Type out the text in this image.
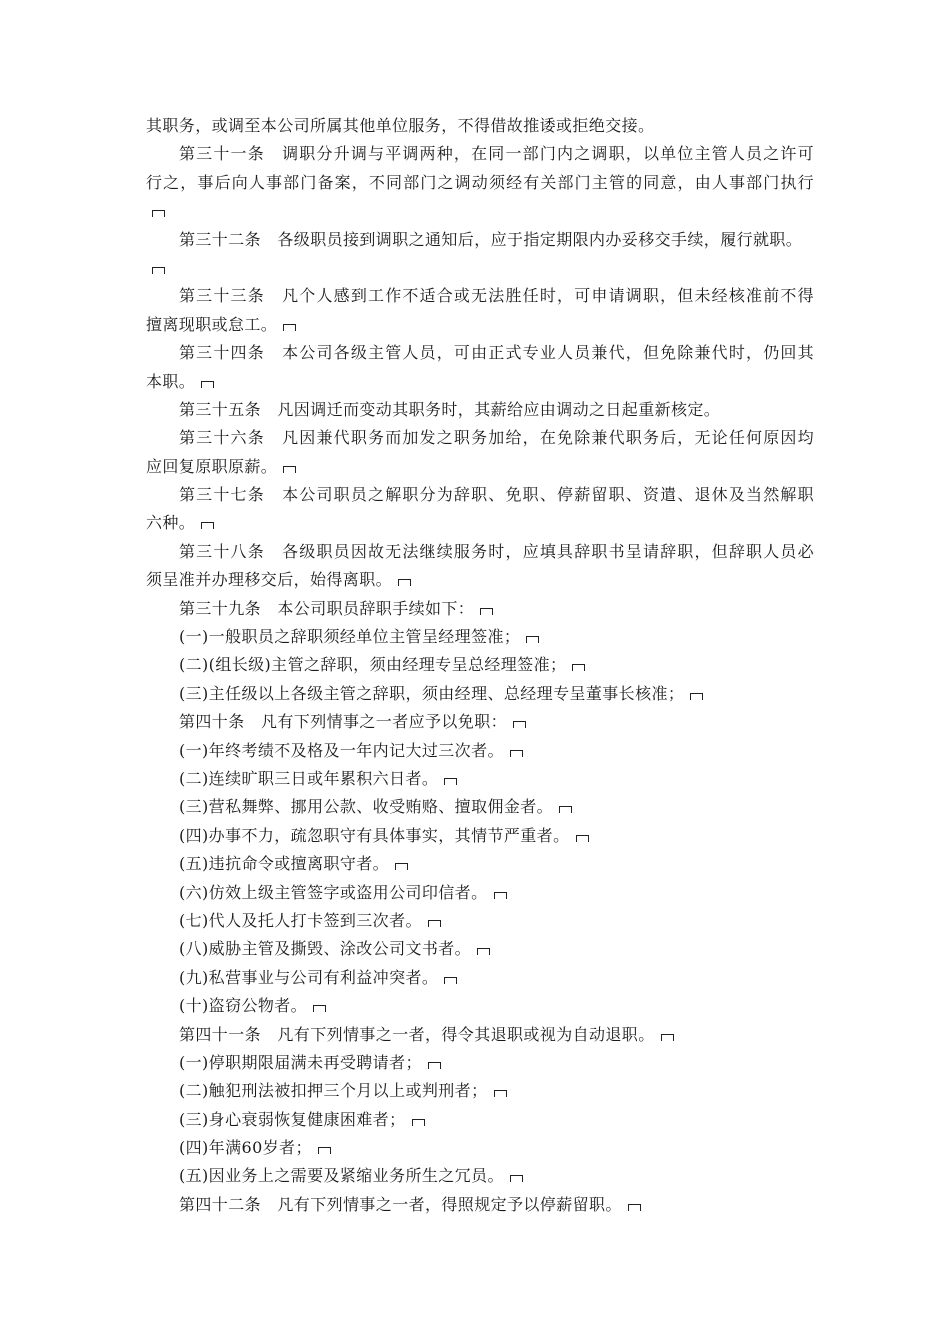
其职务，或调至本公司所属其他单位服务，不得借故推诿或拒绝交接。
第三十一条　调职分升调与平调两种，在同一部门内之调职，以单位主管人员之许可
行之，事后向人事部门备案，不同部门之调动须经有关部门主管的同意，由人事部门执行
第三十二条　各级职员接到调职之通知后，应于指定期限内办妥移交手续，履行就职。
第三十三条　凡个人感到工作不适合或无法胜任时，可申请调职，但未经核准前不得
擅离现职或怠工。
第三十四条　本公司各级主管人员，可由正式专业人员兼代，但免除兼代时，仍回其
本职。
第三十五条　凡因调迁而变动其职务时，其薪给应由调动之日起重新核定。
第三十六条　凡因兼代职务而加发之职务加给，在免除兼代职务后，无论任何原因均
应回复原职原薪。
第三十七条　本公司职员之解职分为辞职、免职、停薪留职、资遣、退休及当然解职
六种。
第三十八条　各级职员因故无法继续服务时，应填具辞职书呈请辞职，但辞职人员必
须呈准并办理移交后，始得离职。
第三十九条　本公司职员辞职手续如下：
(一)一般职员之辞职须经单位主管呈经理签准；
(二)(组长级)主管之辞职，须由经理专呈总经理签准；
(三)主任级以上各级主管之辞职，须由经理、总经理专呈董事长核准；
第四十条　凡有下列情事之一者应予以免职：
(一)年终考绩不及格及一年内记大过三次者。
(二)连续旷职三日或年累积六日者。
(三)营私舞弊、挪用公款、收受贿赂、擅取佣金者。
(四)办事不力，疏忽职守有具体事实，其情节严重者。
(五)违抗命令或擅离职守者。
(六)仿效上级主管签字或盗用公司印信者。
(七)代人及托人打卡签到三次者。
(八)威胁主管及撕毁、涂改公司文书者。
(九)私营事业与公司有利益冲突者。
(十)盗窃公物者。
第四十一条　凡有下列情事之一者，得令其退职或视为自动退职。
(一)停职期限届满未再受聘请者；
(二)触犯刑法被扣押三个月以上或判刑者；
(三)身心衰弱恢复健康困难者；
(四)年满60岁者；
(五)因业务上之需要及紧缩业务所生之冗员。
第四十二条　凡有下列情事之一者，得照规定予以停薪留职。
